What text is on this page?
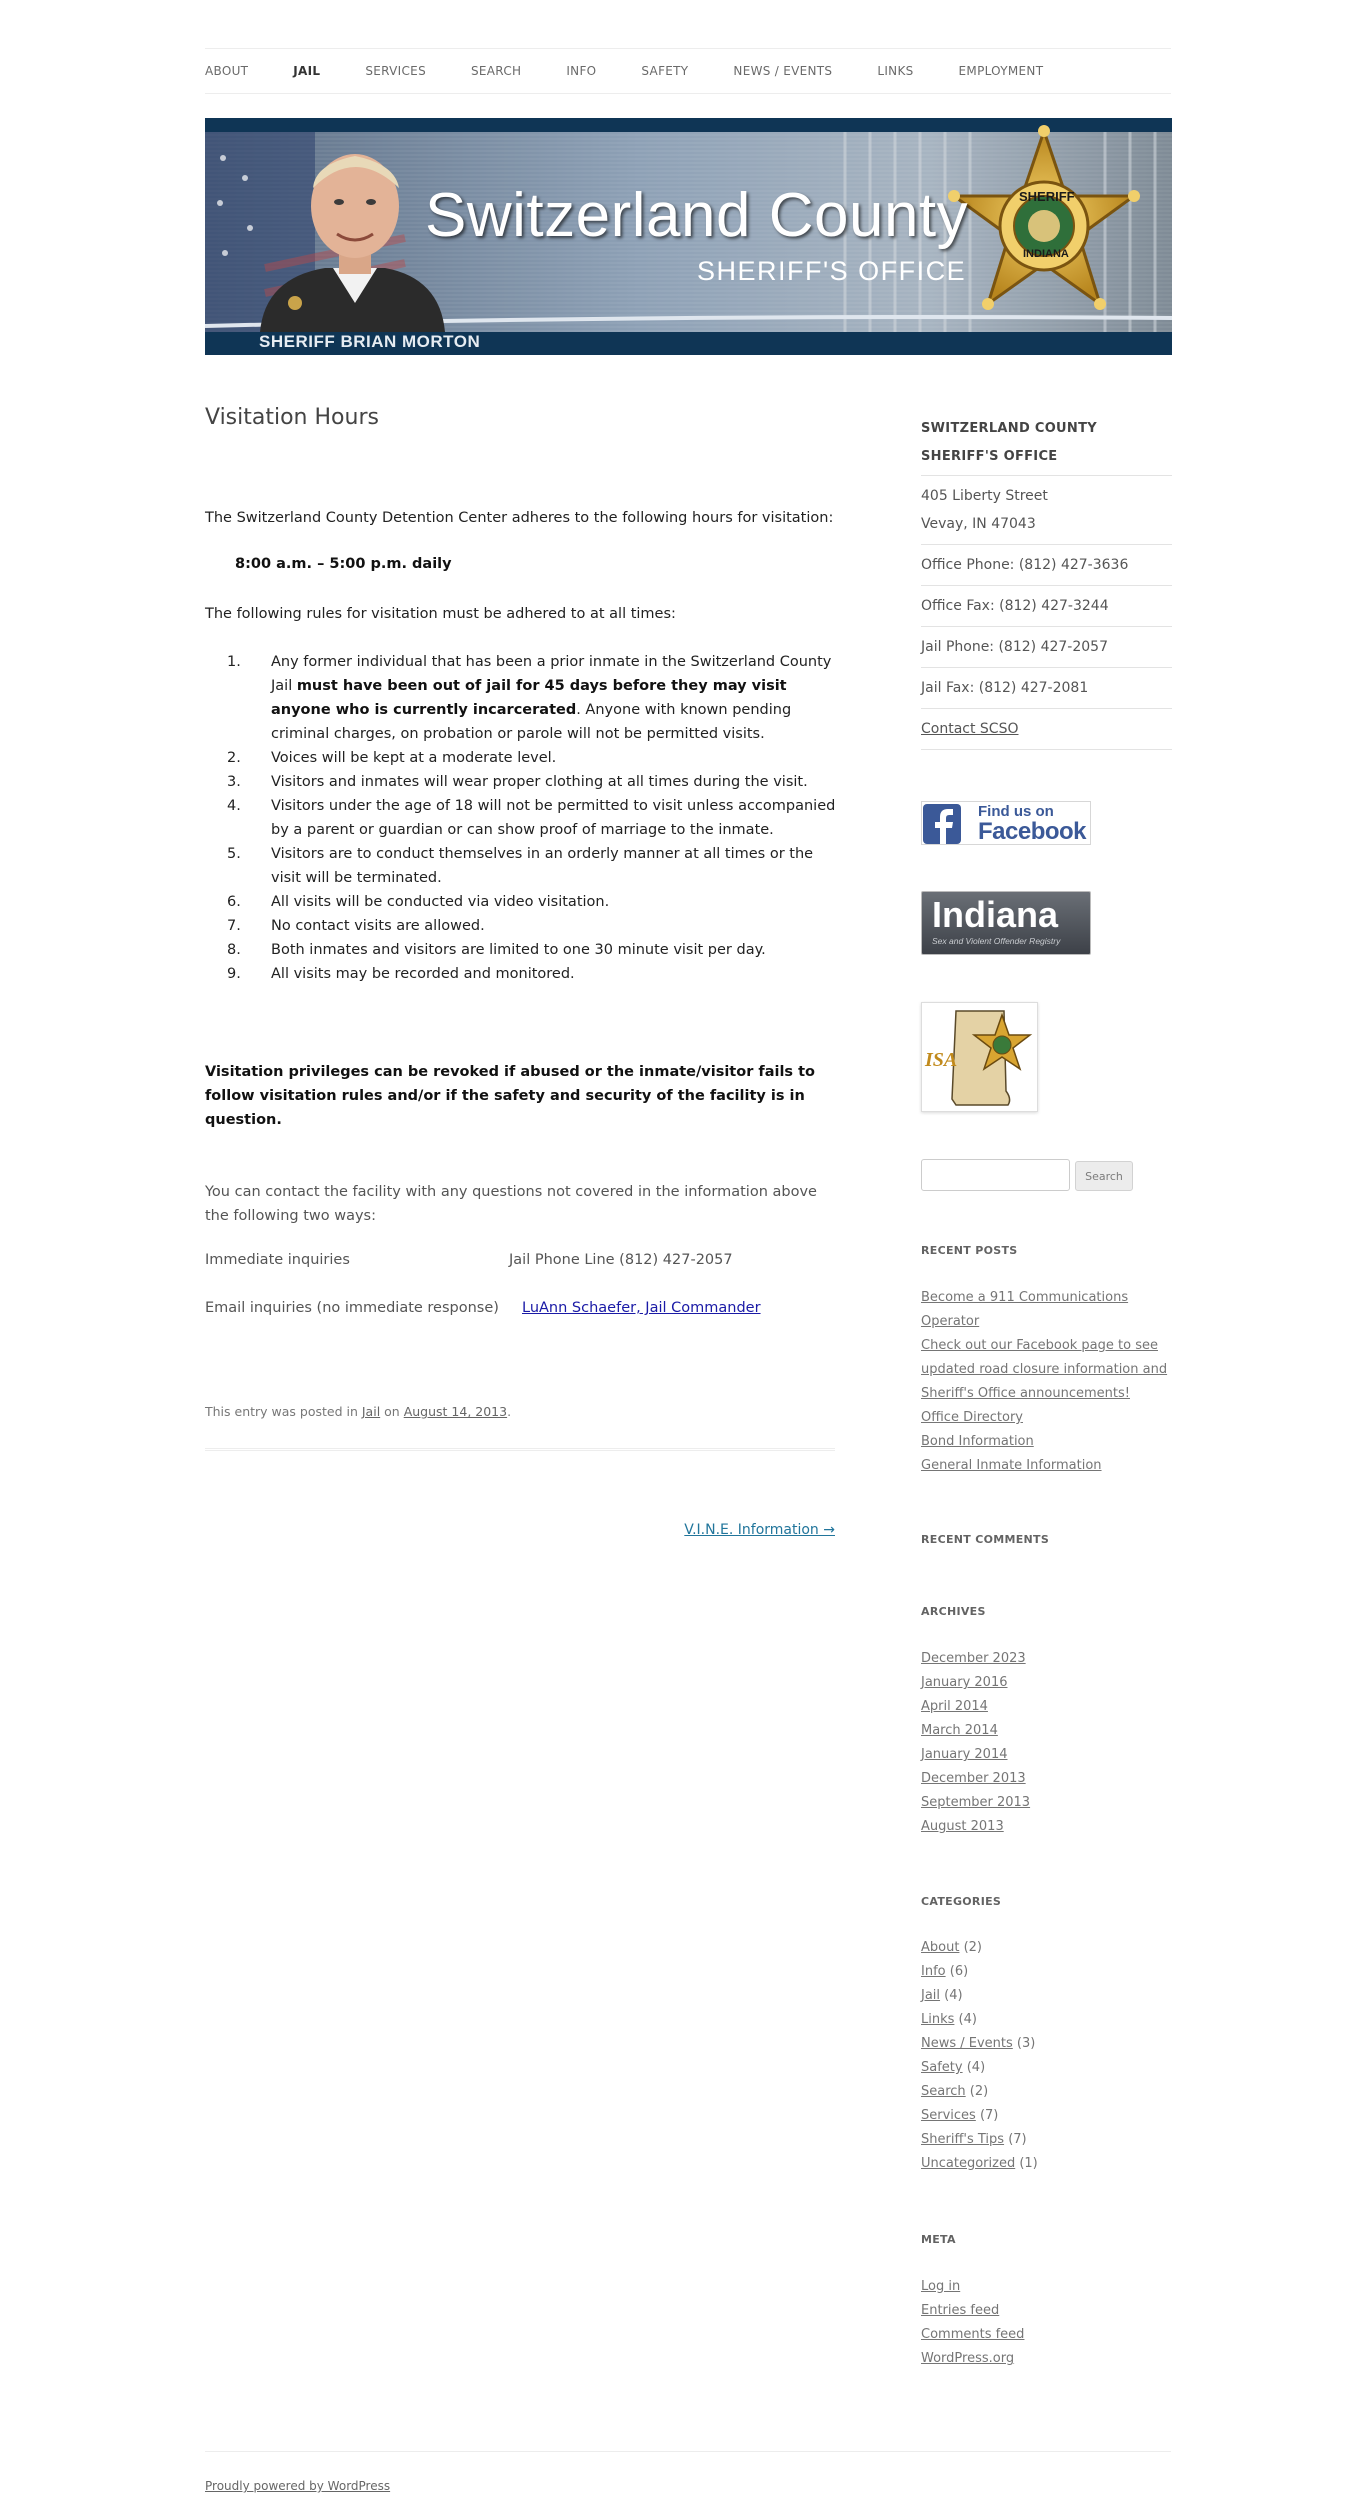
ABOUT	JAIL	SERVICES	SEARCH	INFO	SAFETY	NEWS / EVENTS	LINKS	EMPLOYMENT
Switzerland County
SHERIFF'S OFFICE
SHERIFF BRIAN MORTON
SHERIFF
INDIANA
Visitation Hours
The Switzerland County Detention Center adheres to the following hours for visitation:
8:00 a.m. – 5:00 p.m. daily
The following rules for visitation must be adhered to at all times:
1. Any former individual that has been a prior inmate in the Switzerland County Jail must have been out of jail for 45 days before they may visit anyone who is currently incarcerated. Anyone with known pending criminal charges, on probation or parole will not be permitted visits.
2. Voices will be kept at a moderate level.
3. Visitors and inmates will wear proper clothing at all times during the visit.
4. Visitors under the age of 18 will not be permitted to visit unless accompanied by a parent or guardian or can show proof of marriage to the inmate.
5. Visitors are to conduct themselves in an orderly manner at all times or the visit will be terminated.
6. All visits will be conducted via video visitation.
7. No contact visits are allowed.
8. Both inmates and visitors are limited to one 30 minute visit per day.
9. All visits may be recorded and monitored.
Visitation privileges can be revoked if abused or the inmate/visitor fails to follow visitation rules and/or if the safety and security of the facility is in question.
You can contact the facility with any questions not covered in the information above the following two ways:
Immediate inquiries	Jail Phone Line (812) 427-2057
Email inquiries (no immediate response) LuAnn Schaefer, Jail Commander
This entry was posted in Jail on August 14, 2013.
V.I.N.E. Information →
SWITZERLAND COUNTY SHERIFF'S OFFICE
405 Liberty Street
Vevay, IN 47043
Office Phone: (812) 427-3636
Office Fax: (812) 427-3244
Jail Phone: (812) 427-2057
Jail Fax: (812) 427-2081
Contact SCSO
Find us on
Facebook
Indiana
Sex and Violent Offender Registry
ISA
Search
RECENT POSTS
Become a 911 Communications Operator
Check out our Facebook page to see updated road closure information and Sheriff's Office announcements!
Office Directory
Bond Information
General Inmate Information
RECENT COMMENTS
ARCHIVES
December 2023
January 2016
April 2014
March 2014
January 2014
December 2013
September 2013
August 2013
CATEGORIES
About (2)
Info (6)
Jail (4)
Links (4)
News / Events (3)
Safety (4)
Search (2)
Services (7)
Sheriff's Tips (7)
Uncategorized (1)
META
Log in
Entries feed
Comments feed
WordPress.org
Proudly powered by WordPress
